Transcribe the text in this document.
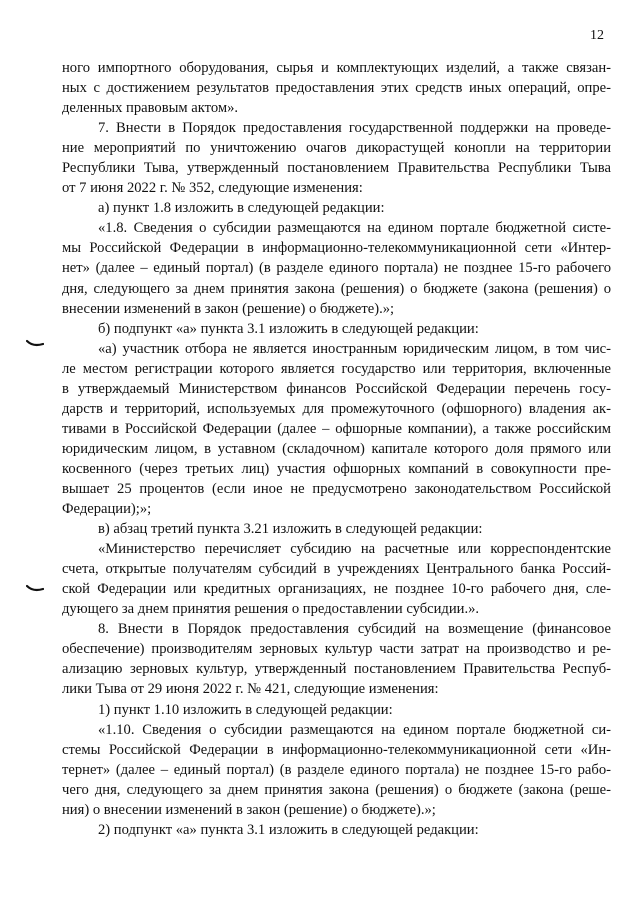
12
ного импортного оборудования, сырья и комплектующих изделий, а также связан-
ных с достижением результатов предоставления этих средств иных операций, опре-
деленных правовым актом».
7. Внести в Порядок предоставления государственной поддержки на проведе-
ние мероприятий по уничтожению очагов дикорастущей конопли на территории
Республики Тыва, утвержденный постановлением Правительства Республики Тыва
от 7 июня 2022 г. № 352, следующие изменения:
а) пункт 1.8 изложить в следующей редакции:
«1.8. Сведения о субсидии размещаются на едином портале бюджетной систе-
мы Российской Федерации в информационно-телекоммуникационной сети «Интер-
нет» (далее – единый портал) (в разделе единого портала) не позднее 15-го рабочего
дня, следующего за днем принятия закона (решения) о бюджете (закона (решения) о
внесении изменений в закон (решение) о бюджете).»;
б) подпункт «а» пункта 3.1 изложить в следующей редакции:
«а) участник отбора не является иностранным юридическим лицом, в том чис-
ле местом регистрации которого является государство или территория, включенные
в утверждаемый Министерством финансов Российской Федерации перечень госу-
дарств и территорий, используемых для промежуточного (офшорного) владения ак-
тивами в Российской Федерации (далее – офшорные компании), а также российским
юридическим лицом, в уставном (складочном) капитале которого доля прямого или
косвенного (через третьих лиц) участия офшорных компаний в совокупности пре-
вышает 25 процентов (если иное не предусмотрено законодательством Российской
Федерации);»;
в) абзац третий пункта 3.21 изложить в следующей редакции:
«Министерство перечисляет субсидию на расчетные или корреспондентские
счета, открытые получателям субсидий в учреждениях Центрального банка Россий-
ской Федерации или кредитных организациях, не позднее 10-го рабочего дня, сле-
дующего за днем принятия решения о предоставлении субсидии.».
8. Внести в Порядок предоставления субсидий на возмещение (финансовое
обеспечение) производителям зерновых культур части затрат на производство и ре-
ализацию зерновых культур, утвержденный постановлением Правительства Респуб-
лики Тыва от 29 июня 2022 г. № 421, следующие изменения:
1) пункт 1.10 изложить в следующей редакции:
«1.10. Сведения о субсидии размещаются на едином портале бюджетной си-
стемы Российской Федерации в информационно-телекоммуникационной сети «Ин-
тернет» (далее – единый портал) (в разделе единого портала) не позднее 15-го рабо-
чего дня, следующего за днем принятия закона (решения) о бюджете (закона (реше-
ния) о внесении изменений в закон (решение) о бюджете).»;
2) подпункт «а» пункта 3.1 изложить в следующей редакции:
